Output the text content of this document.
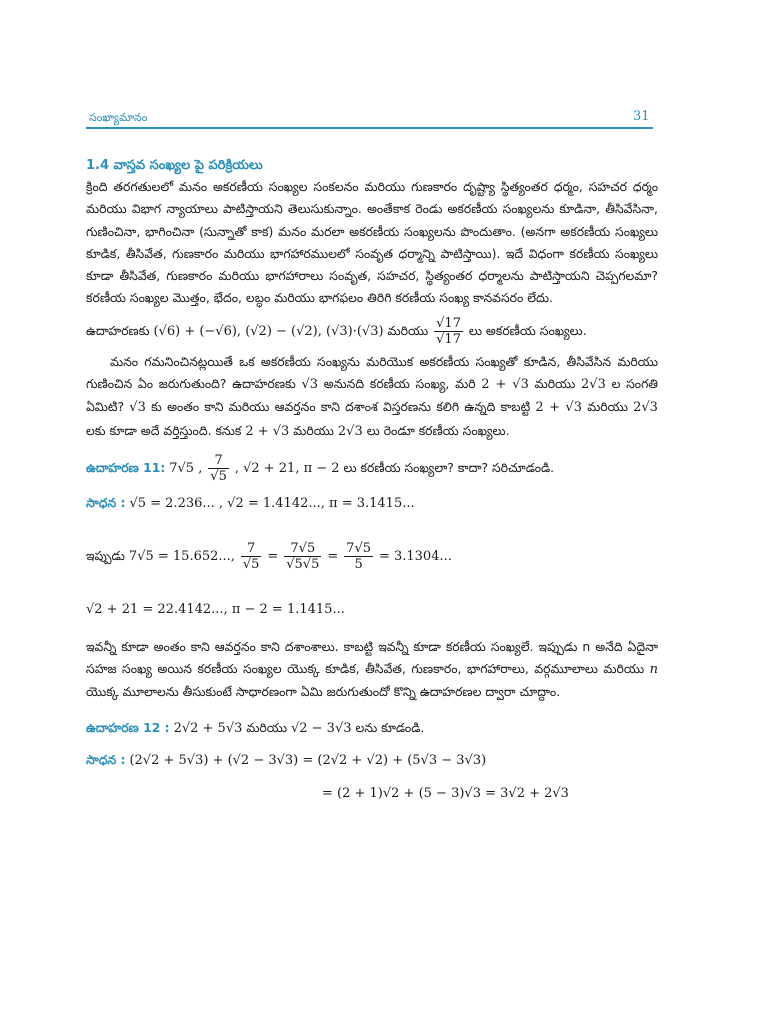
సంఖ్యామానం	31
1.4 వాస్తవ సంఖ్యల పై పరిక్రియలు

క్రింది తరగతులలో మనం అకరణీయ సంఖ్యల సంకలనం మరియు గుణకారం దృష్ట్యా స్థిత్యంతర ధర్మం, సహచర ధర్మం మరియు విభాగ న్యాయాలు పాటిస్తాయని తెలుసుకున్నాం. అంతేకాక రెండు అకరణీయ సంఖ్యలను కూడినా, తీసివేసినా, గుణించినా, భాగించినా (సున్నాతో కాక) మనం మరలా అకరణీయ సంఖ్యలను పొందుతాం. (అనగా అకరణీయ సంఖ్యలు కూడిక, తీసివేత, గుణకారం మరియు భాగహారములలో సంవృత ధర్మాన్ని పాటిస్తాయి). ఇదే విధంగా కరణీయ సంఖ్యలు కూడా తీసివేత, గుణకారం మరియు భాగహారాలు సంవృత, సహచర, స్థిత్యంతర ధర్మాలను పాటిస్తాయని చెప్పగలమా? కరణీయ సంఖ్యల మొత్తం, భేదం, లబ్ధం మరియు భాగఫలం తిరిగి కరణీయ సంఖ్య కానవసరం లేదు.

ఉదాహరణకు (√6) + (−√6), (√2) − (√2), (√3)·(√3) మరియు $\frac{√17}{√17}$ లు అకరణీయ సంఖ్యలు.

మనం గమనించినట్లయితే ఒక అకరణీయ సంఖ్యను మరియొక అకరణీయ సంఖ్యతో కూడిన, తీసివేసిన మరియు గుణించిన ఏం జరుగుతుంది? ఉదాహరణకు √3 అనునది కరణీయ సంఖ్య, మరి 2 + √3 మరియు 2√3 ల సంగతి ఏమిటి? √3 కు అంతం కాని మరియు ఆవర్తనం కాని దశాంశ విస్తరణను కలిగి ఉన్నది కాబట్టి 2 + √3 మరియు 2√3 లకు కూడా అదే వర్తిస్తుంది. కనుక 2 + √3 మరియు 2√3 లు రెండూ కరణీయ సంఖ్యలు.

ఉదాహరణ 11: 7√5 , $\frac{7}{√5}$ , √2 + 21, π − 2 లు కరణీయ సంఖ్యలా? కాదా? సరిచూడండి.

సాధన : √5 = 2.236... , √2 = 1.4142..., π = 3.1415...

ఇప్పుడు 7√5 = 15.652..., $\frac{7}{√5} = \frac{7√5}{√5√5} = \frac{7√5}{5} = 3.1304$...

√2 + 21 = 22.4142..., π − 2 = 1.1415...

ఇవన్నీ కూడా అంతం కాని ఆవర్తనం కాని దశాంశాలు. కాబట్టి ఇవన్నీ కూడా కరణీయ సంఖ్యలే. ఇప్పుడు n అనేది ఏదైనా సహజ సంఖ్య అయిన కరణీయ సంఖ్యల యొక్క కూడిక, తీసివేత, గుణకారం, భాగహారాలు, వర్గమూలాలు మరియు n యొక్క మూలాలను తీసుకుంటే సాధారణంగా ఏమి జరుగుతుందో కొన్ని ఉదాహరణల ద్వారా చూద్దాం.

ఉదాహరణ 12 : 2√2 + 5√3 మరియు √2 − 3√3 లను కూడండి.

సాధన : (2√2 + 5√3) + (√2 − 3√3) = (2√2 + √2) + (5√3 − 3√3)

= (2 + 1)√2 + (5 − 3)√3 = 3√2 + 2√3
